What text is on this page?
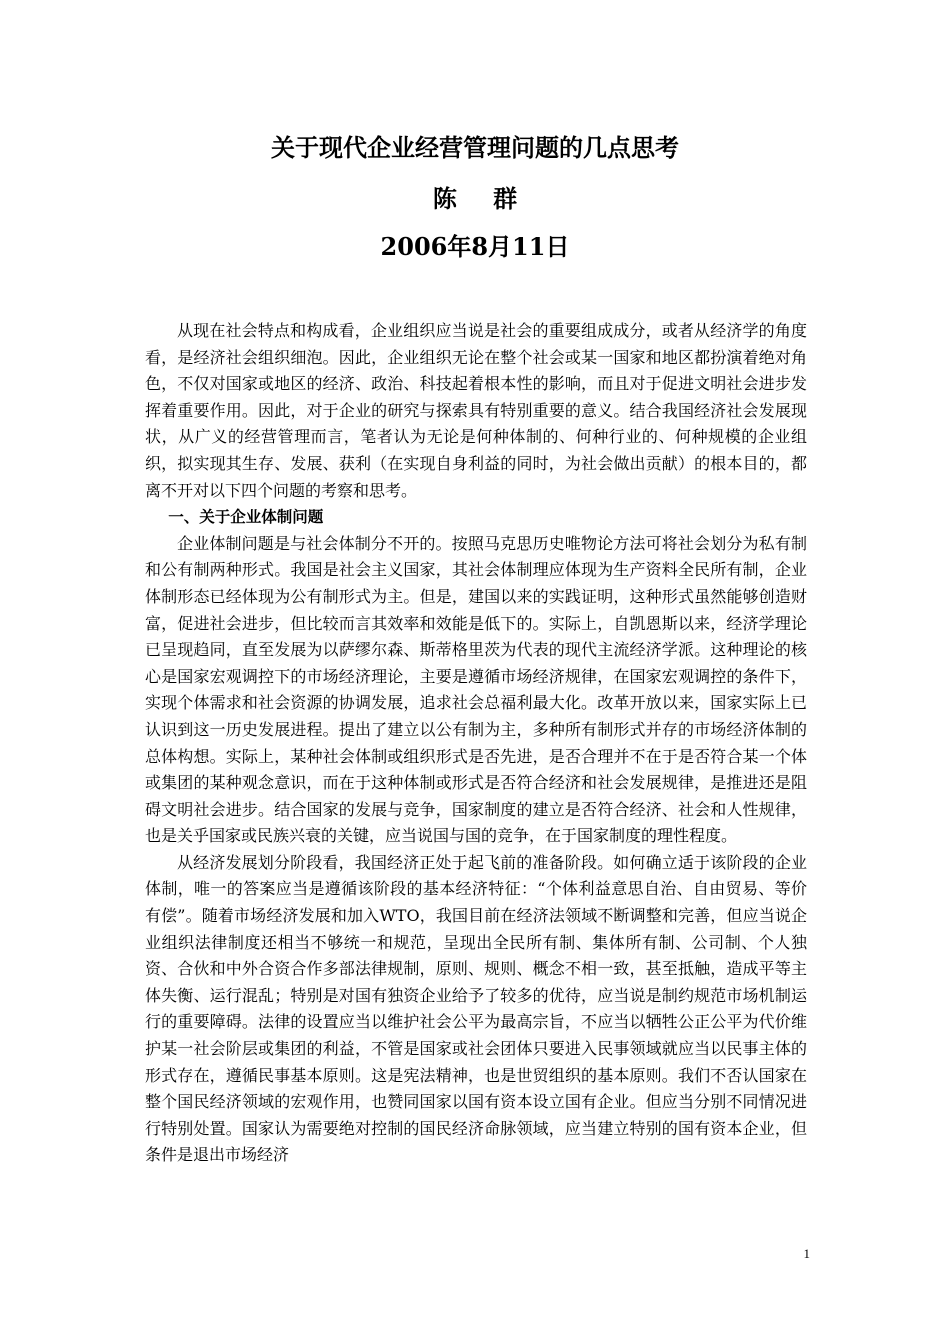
关于现代企业经营管理问题的几点思考
陈 群
2006年8月11日

从现在社会特点和构成看，企业组织应当说是社会的重要组成成分，或者从经济学的角度看，是经济社会组织细泡。因此，企业组织无论在整个社会或某一国家和地区都扮演着绝对角色，不仅对国家或地区的经济、政治、科技起着根本性的影响，而且对于促进文明社会进步发挥着重要作用。因此，对于企业的研究与探索具有特别重要的意义。结合我国经济社会发展现状，从广义的经营管理而言，笔者认为无论是何种体制的、何种行业的、何种规模的企业组织，拟实现其生存、发展、获利（在实现自身利益的同时，为社会做出贡献）的根本目的，都离不开对以下四个问题的考察和思考。

一、关于企业体制问题

企业体制问题是与社会体制分不开的。按照马克思历史唯物论方法可将社会划分为私有制和公有制两种形式。我国是社会主义国家，其社会体制理应体现为生产资料全民所有制，企业体制形态已经体现为公有制形式为主。但是，建国以来的实践证明，这种形式虽然能够创造财富，促进社会进步，但比较而言其效率和效能是低下的。实际上，自凯恩斯以来，经济学理论已呈现趋同，直至发展为以萨缪尔森、斯蒂格里茨为代表的现代主流经济学派。这种理论的核心是国家宏观调控下的市场经济理论，主要是遵循市场经济规律，在国家宏观调控的条件下，实现个体需求和社会资源的协调发展，追求社会总福利最大化。改革开放以来，国家实际上已认识到这一历史发展进程。提出了建立以公有制为主，多种所有制形式并存的市场经济体制的总体构想。实际上，某种社会体制或组织形式是否先进，是否合理并不在于是否符合某一个体或集团的某种观念意识，而在于这种体制或形式是否符合经济和社会发展规律，是推进还是阻碍文明社会进步。结合国家的发展与竞争，国家制度的建立是否符合经济、社会和人性规律，也是关乎国家或民族兴衰的关键，应当说国与国的竞争，在于国家制度的理性程度。

从经济发展划分阶段看，我国经济正处于起飞前的准备阶段。如何确立适于该阶段的企业体制，唯一的答案应当是遵循该阶段的基本经济特征：“个体利益意思自治、自由贸易、等价有偿”。随着市场经济发展和加入WTO，我国目前在经济法领域不断调整和完善，但应当说企业组织法律制度还相当不够统一和规范，呈现出全民所有制、集体所有制、公司制、个人独资、合伙和中外合资合作多部法律规制，原则、规则、概念不相一致，甚至抵触，造成平等主体失衡、运行混乱；特别是对国有独资企业给予了较多的优待，应当说是制约规范市场机制运行的重要障碍。法律的设置应当以维护社会公平为最高宗旨，不应当以牺牲公正公平为代价维护某一社会阶层或集团的利益，不管是国家或社会团体只要进入民事领域就应当以民事主体的形式存在，遵循民事基本原则。这是宪法精神，也是世贸组织的基本原则。我们不否认国家在整个国民经济领域的宏观作用，也赞同国家以国有资本设立国有企业。但应当分别不同情况进行特别处置。国家认为需要绝对控制的国民经济命脉领域，应当建立特别的国有资本企业，但条件是退出市场经济

1
